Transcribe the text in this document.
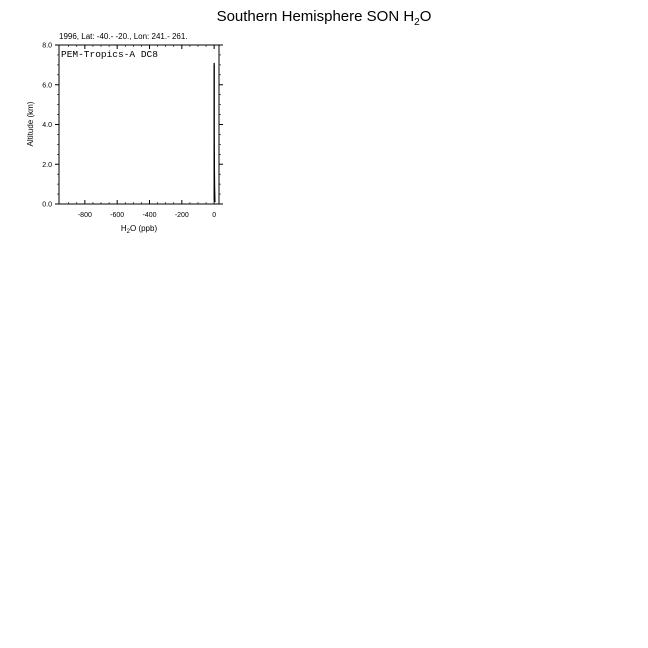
Southern Hemisphere SON $H_2O$
1996, Lat: -40.- -20., Lon: 241.- 261.
-800	-600	-400	-200	0
0.0
2.0
4.0
6.0
8.0
PEM-Tropics-A DC8
$H_2O$ (ppb)
Altitude (km)
